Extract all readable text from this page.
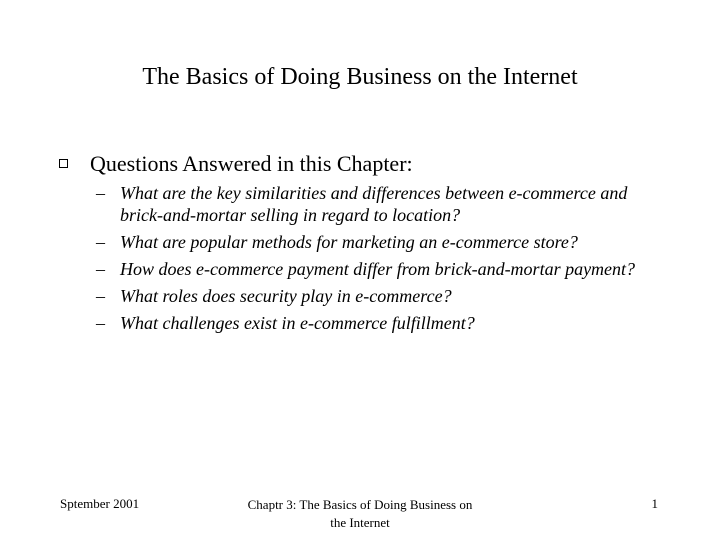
The Basics of Doing Business on the Internet
Questions Answered in this Chapter:
– What are the key similarities and differences between e-commerce and brick-and-mortar selling in regard to location?
– What are popular methods for marketing an e-commerce store?
– How does e-commerce payment differ from brick-and-mortar payment?
– What roles does security play in e-commerce?
– What challenges exist in e-commerce fulfillment?
Sptember 2001	Chaptr 3: The Basics of Doing Business on the Internet
1
